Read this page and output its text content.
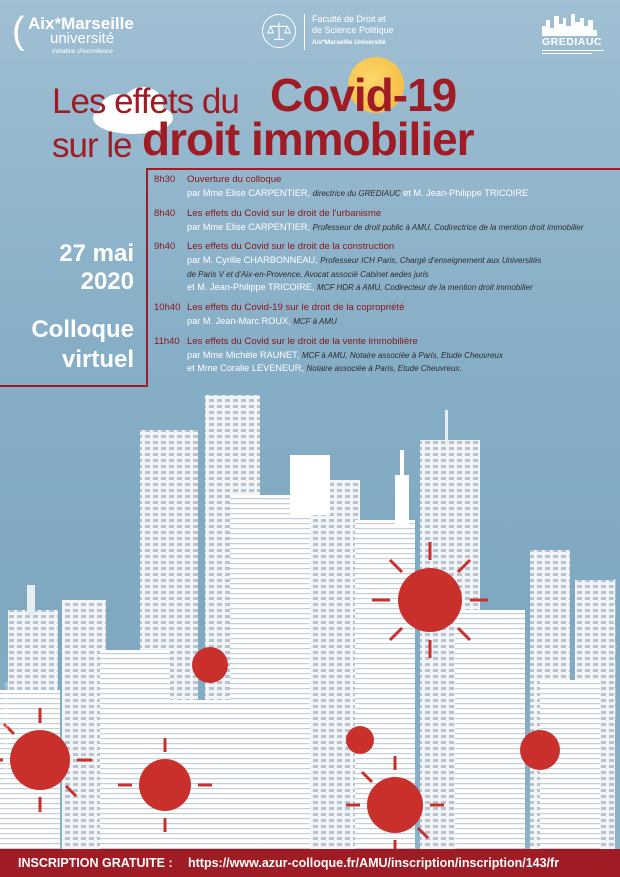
( Aix*Marseille
université
initiative d'excellence
Faculté de Droit et
de Science Politique
Aix*Marseille Université	GREDIAUC
Les effets du Covid-19
sur le droit immobilier
27 mai
2020
Colloque
virtuel
8h30 Ouverture du colloque
par Mme Elise CARPENTIER, directrice du GREDIAUC et M. Jean-Philippe TRICOIRE
8h40 Les effets du Covid sur le droit de l'urbanisme
par Mme Elise CARPENTIER, Professeur de droit public à AMU, Codirectrice de la mention droit immobilier
9h40 Les effets du Covid sur le droit de la construction
par M. Cyrille CHARBONNEAU, Professeur ICH Paris, Chargé d'enseignement aux Universités
de Paris V et d'Aix-en-Provence, Avocat associé Cabinet aedes juris
et M. Jean-Philippe TRICOIRE, MCF HDR à AMU, Codirecteur de la mention droit immobilier
10h40 Les effets du Covid-19 sur le droit de la copropriété
par M. Jean-Marc ROUX, MCF à AMU
11h40 Les effets du Covid sur le droit de la vente immobilière
par Mme Michèle RAUNET, MCF à AMU, Notaire associée à Paris, Etude Cheuvreux
et Mme Coralie LEVENEUR, Notaire associée à Paris, Etude Cheuvreux.
Création : DEPA_JPO - Université d'Aix-Marseille
Faculté de Droit et de Science Politique - Aix-en-Provence - 2019/2020
INSCRIPTION GRATUITE : https://www.azur-colloque.fr/AMU/inscription/inscription/143/fr
